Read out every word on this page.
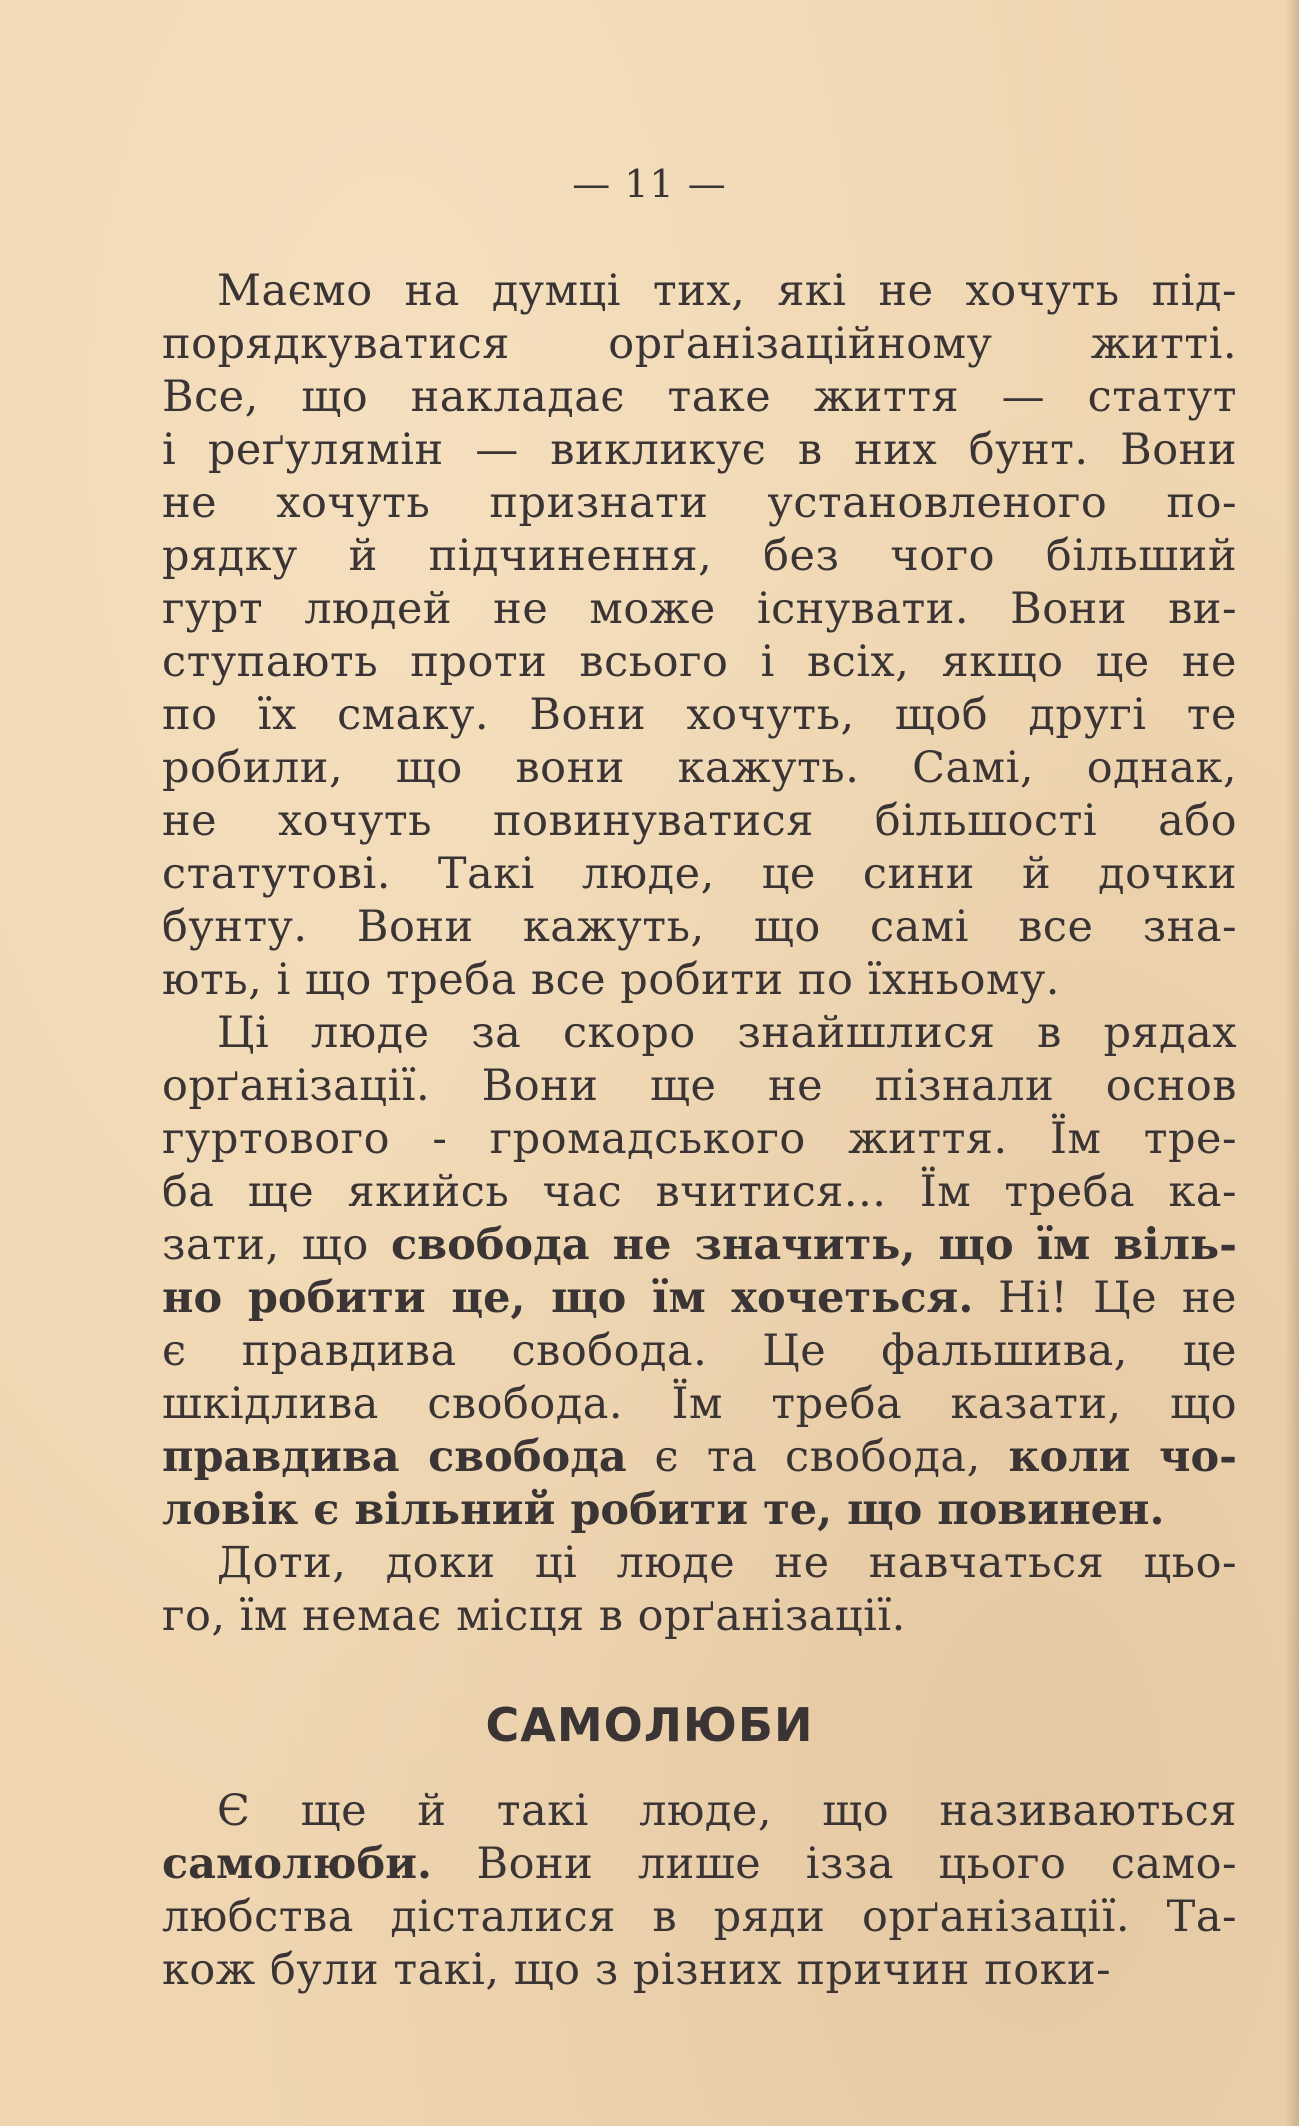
— 11 —
Маємо на думці тих, які не хочуть під-
порядкуватися орґанізаційному житті.
Все, що накладає таке життя — статут
і реґулямін — викликує в них бунт. Вони
не хочуть признати установленого по-
рядку й підчинення, без чого більший
гурт людей не може існувати. Вони ви-
ступають проти всього і всіх, якщо це не
по їх смаку. Вони хочуть, щоб другі те
робили, що вони кажуть. Самі, однак,
не хочуть повинуватися більшості або
статутові. Такі люде, це сини й дочки
бунту. Вони кажуть, що самі все зна-
ють, і що треба все робити по їхньому.
Ці люде за скоро знайшлися в рядах
орґанізації. Вони ще не пізнали основ
гуртового - громадського життя. Їм тре-
ба ще якийсь час вчитися... Їм треба ка-
зати, що свобода не значить, що їм віль-
но робити це, що їм хочеться. Ні! Це не
є правдива свобода. Це фальшива, це
шкідлива свобода. Їм треба казати, що
правдива свобода є та свобода, коли чо-
ловік є вільний робити те, що повинен.
Доти, доки ці люде не навчаться цьо-
го, їм немає місця в орґанізації.
САМОЛЮБИ
Є ще й такі люде, що називаються
самолюби. Вони лише ізза цього само-
любства дісталися в ряди орґанізації. Та-
кож були такі, що з різних причин поки-
